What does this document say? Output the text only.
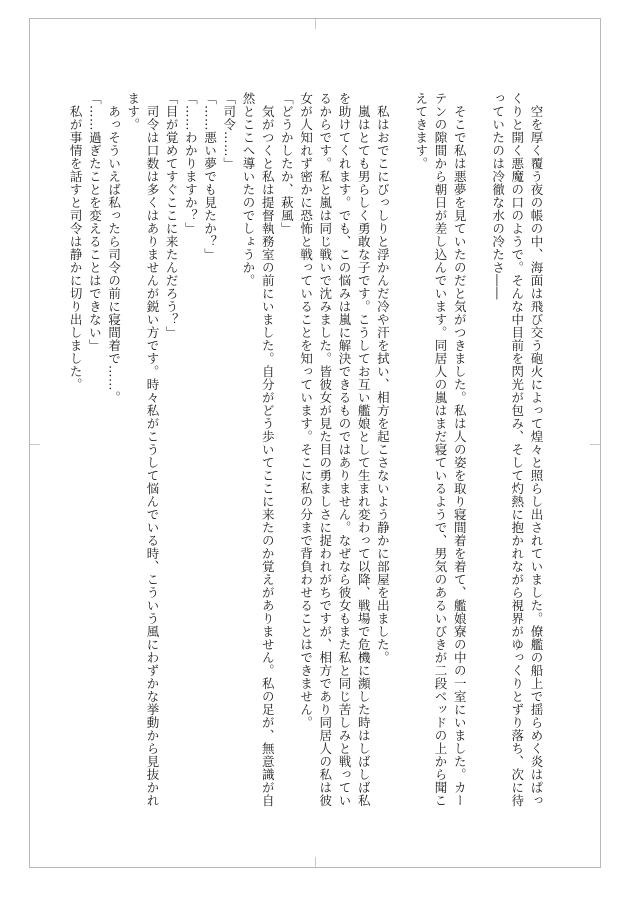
空を厚く覆う夜の帳の中、海面は飛び交う砲火によって煌々と照らし出されていました。僚艦の船上で揺らめく炎はぱっくりと開く悪魔の口のようで。そんな中目前を閃光が包み、そして灼熱に抱かれながら視界がゆっくりとずり落ち、次に待っていたのは冷徹な水の冷たさ――

そこで私は悪夢を見ていたのだと気がつきました。私は人の姿を取り寝間着を着て、艦娘寮の中の一室にいました。カーテンの隙間から朝日が差し込んでいます。同居人の嵐はまだ寝ているようで、男気のあるいびきが二段ベッドの上から聞こえてきます。

私はおでこにびっしりと浮かんだ冷や汗を拭い、相方を起こさないよう静かに部屋を出ました。

嵐はとても男らしく勇敢な子です。こうしてお互い艦娘として生まれ変わって以降、戦場で危機に瀕した時はしばしば私を助けてくれます。でも、この悩みは嵐に解決できるものではありません。なぜなら彼女もまた私と同じ苦しみと戦っているからです。私と嵐は同じ戦いで沈みました。皆彼女が見た目の勇ましさに捉われがちですが、相方であり同居人の私は彼女が人知れず密かに恐怖と戦っていることを知っています。そこに私の分まで背負わせることはできません。

「どうかしたか、萩風」

気がつくと私は提督執務室の前にいました。自分がどう歩いてここに来たのか覚えがありません。私の足が、無意識が自然とここへ導いたのでしょうか。

「司令……」

「……悪い夢でも見たか？」

「……わかりますか？」

「目が覚めてすぐここに来たんだろう？」

司令は口数は多くはありませんが鋭い方です。時々私がこうして悩んでいる時、こういう風にわずかな挙動から見抜かれます。

あっそういえば私ったら司令の前に寝間着で……。

「……過ぎたことを変えることはできない」

私が事情を話すと司令は静かに切り出しました。
